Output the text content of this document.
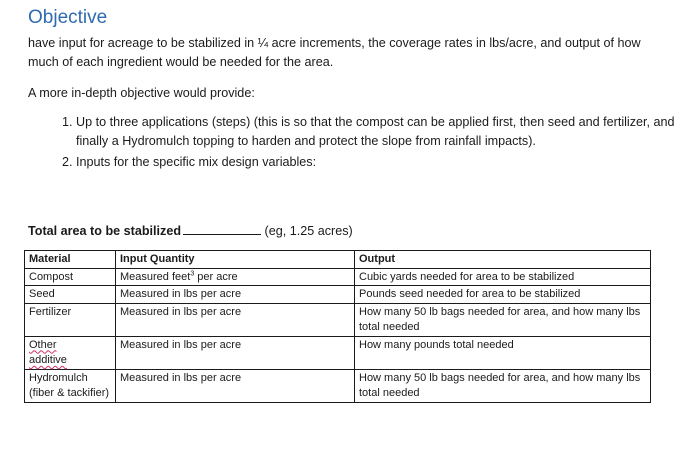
Objective
have input for acreage to be stabilized in ¼ acre increments, the coverage rates in lbs/acre, and output of how much of each ingredient would be needed for the area.
A more in-depth objective would provide:
1. Up to three applications (steps) (this is so that the compost can be applied first, then seed and fertilizer, and finally a Hydromulch topping to harden and protect the slope from rainfall impacts).
2. Inputs for the specific mix design variables:
Total area to be stabilized	(eg, 1.25 acres)
Material	Input Quantity	Output
Compost	Measured feet$^3$ per acre	Cubic yards needed for area to be stabilized
Seed	Measured in lbs per acre	Pounds seed needed for area to be stabilized
Fertilizer	Measured in lbs per acre	How many 50 lb bags needed for area, and how many lbs total needed
Other
additive	Measured in lbs per acre	How many pounds total needed
Hydromulch (fiber & tackifier)	Measured in lbs per acre	How many 50 lb bags needed for area, and how many lbs total needed
